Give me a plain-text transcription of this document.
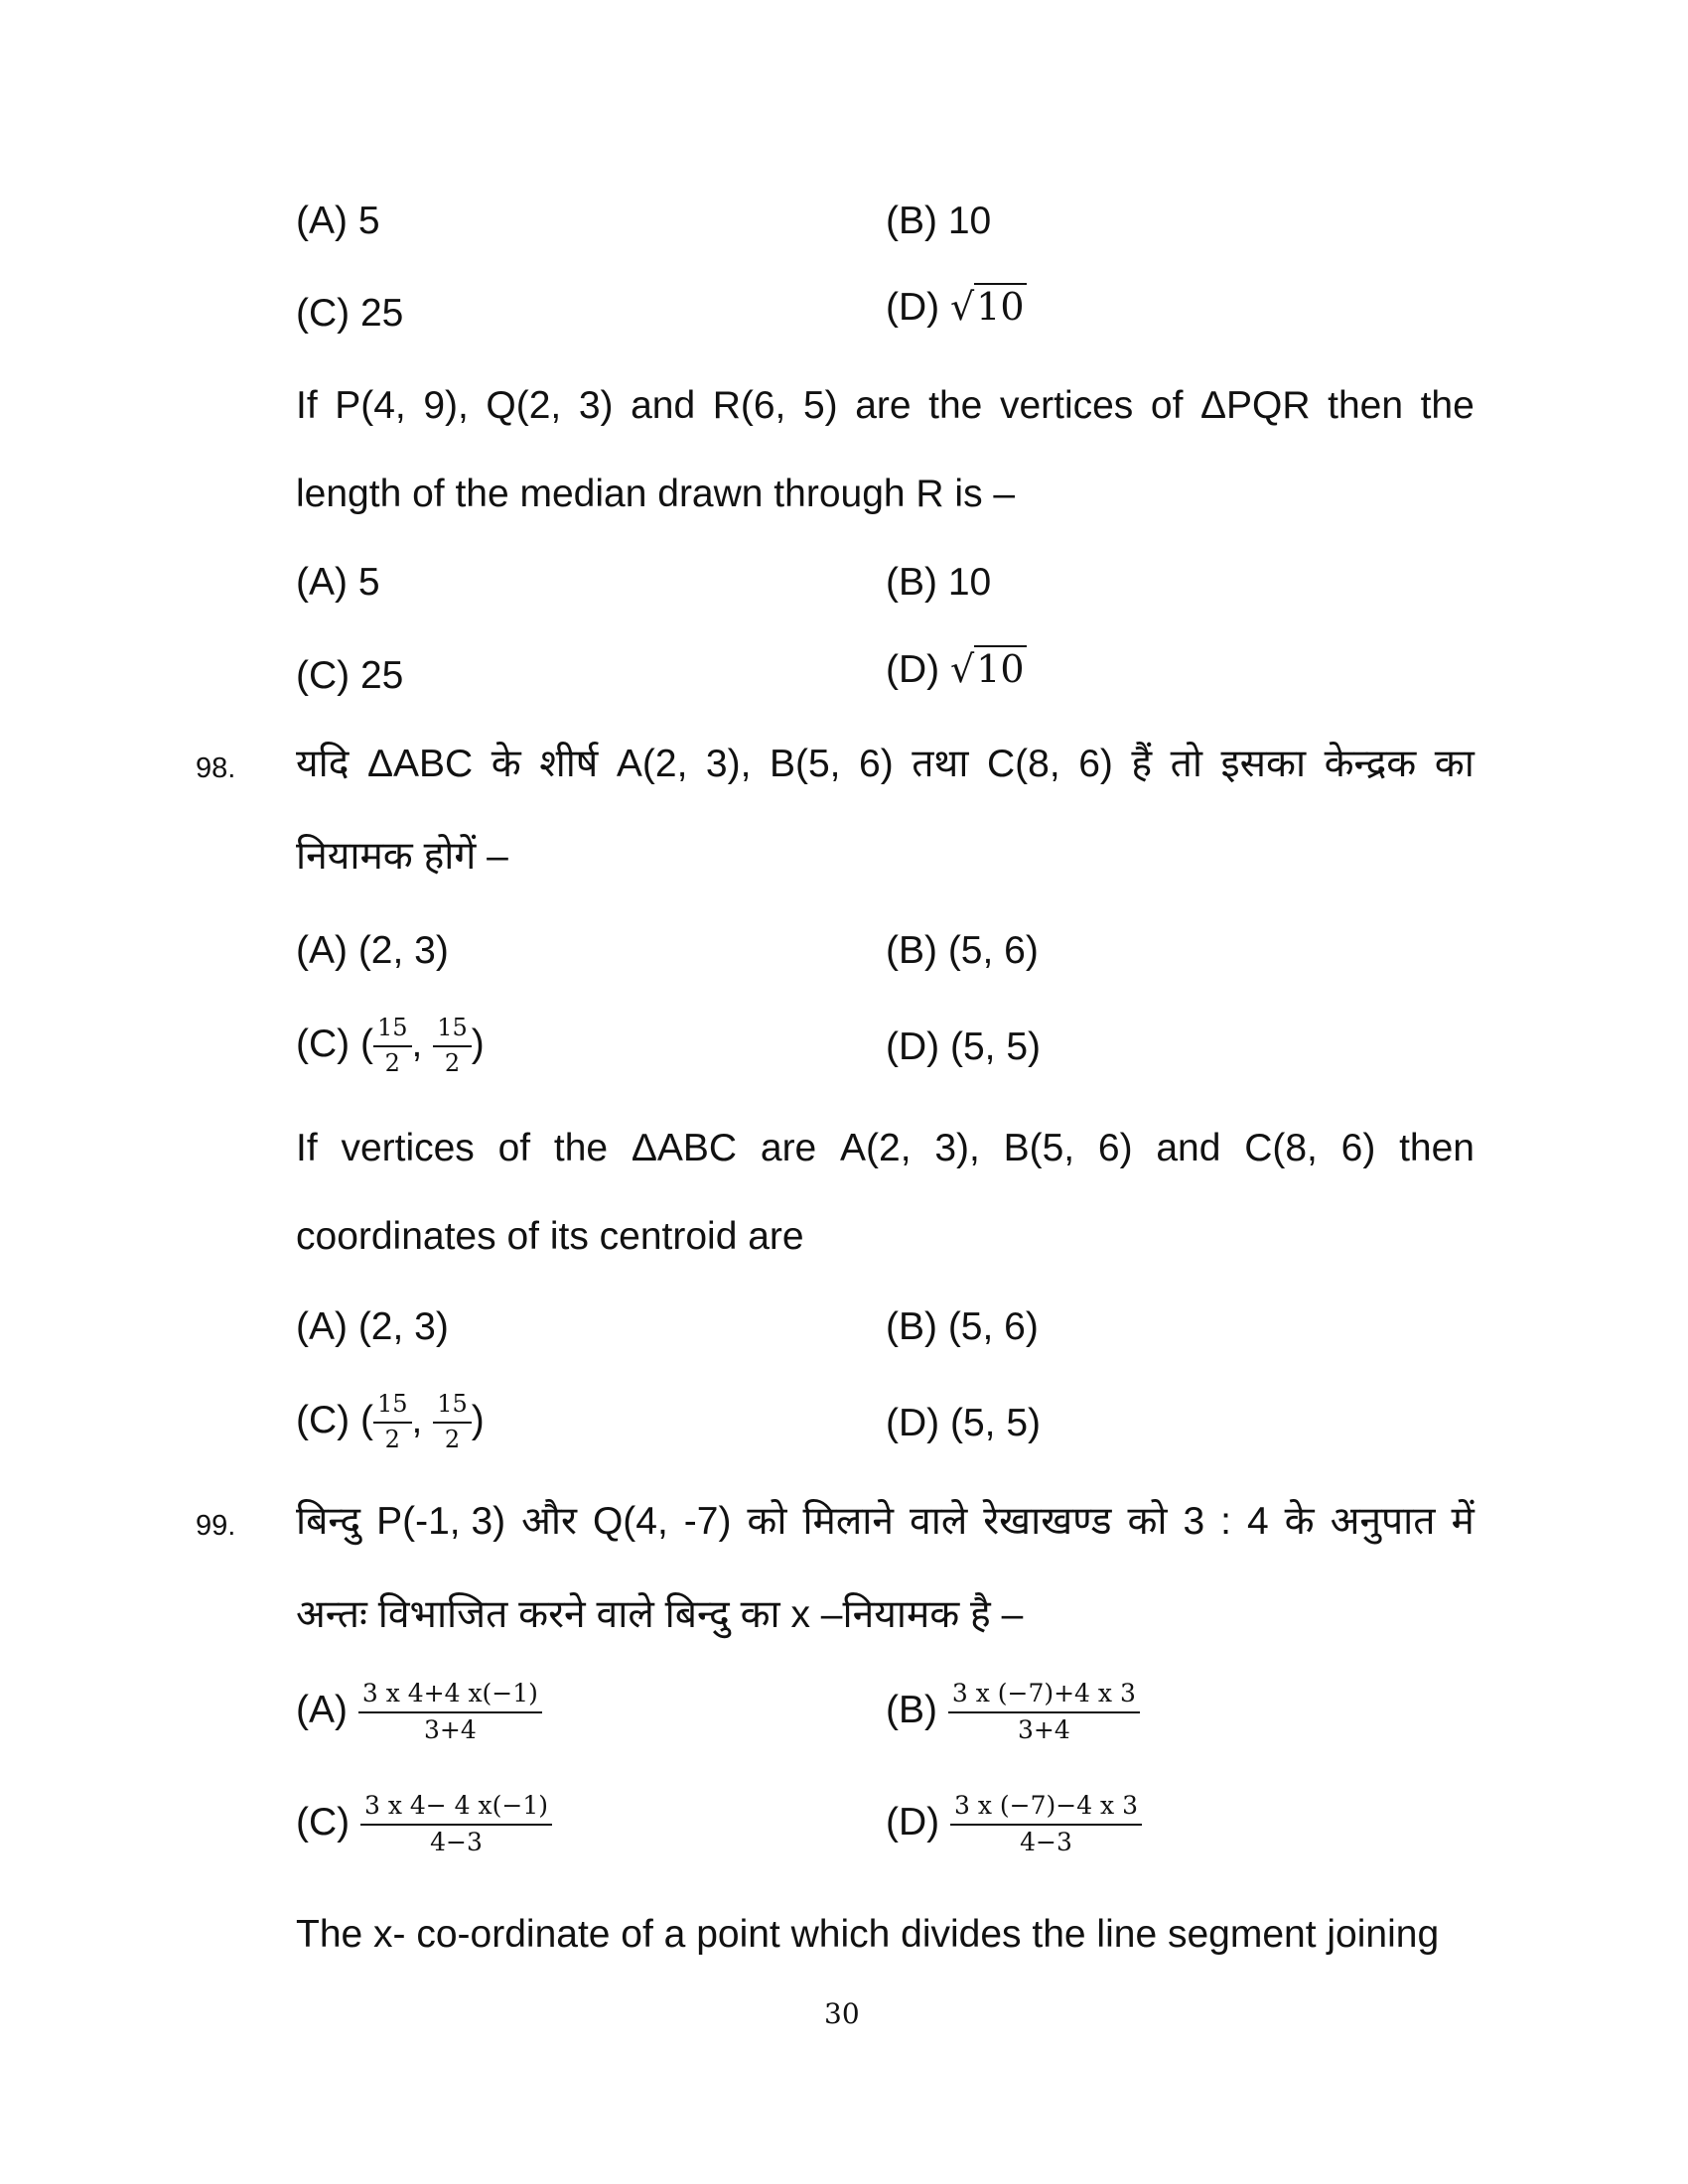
(A) 5	(B) 10
(C) 25	(D) √10
If P(4, 9), Q(2, 3) and R(6, 5) are the vertices of ΔPQR then the
length of the median drawn through R is –
(A) 5	(B) 10
(C) 25	(D) √10
98. यदि ΔABC के शीर्ष A(2, 3), B(5, 6) तथा C(8, 6) हैं तो इसका केन्द्रक का
नियामक होगें –
(A) (2, 3)	(B) (5, 6)
(C) ( $\frac{15}{2}$ , $\frac{15}{2}$ )	(D) (5, 5)
If vertices of the ΔABC are A(2, 3), B(5, 6) and C(8, 6) then
coordinates of its centroid are
(A) (2, 3)	(B) (5, 6)
(C) ( $\frac{15}{2}$ , $\frac{15}{2}$ )	(D) (5, 5)
99. बिन्दु P(-1, 3) और Q(4, -7) को मिलाने वाले रेखाखण्ड को 3 : 4 के अनुपात में
अन्तः विभाजित करने वाले बिन्दु का x –नियामक है –
$(A) \frac{3 x 4+4 x(-1)}{3+4}$	$(B) \frac{3 x (-7)+4 x 3}{3+4}$
$(C) \frac{3 x 4- 4 x(-1)}{4-3}$	$(D) \frac{3 x (-7)-4 x 3}{4-3}$
The x- co-ordinate of a point which divides the line segment joining
30
